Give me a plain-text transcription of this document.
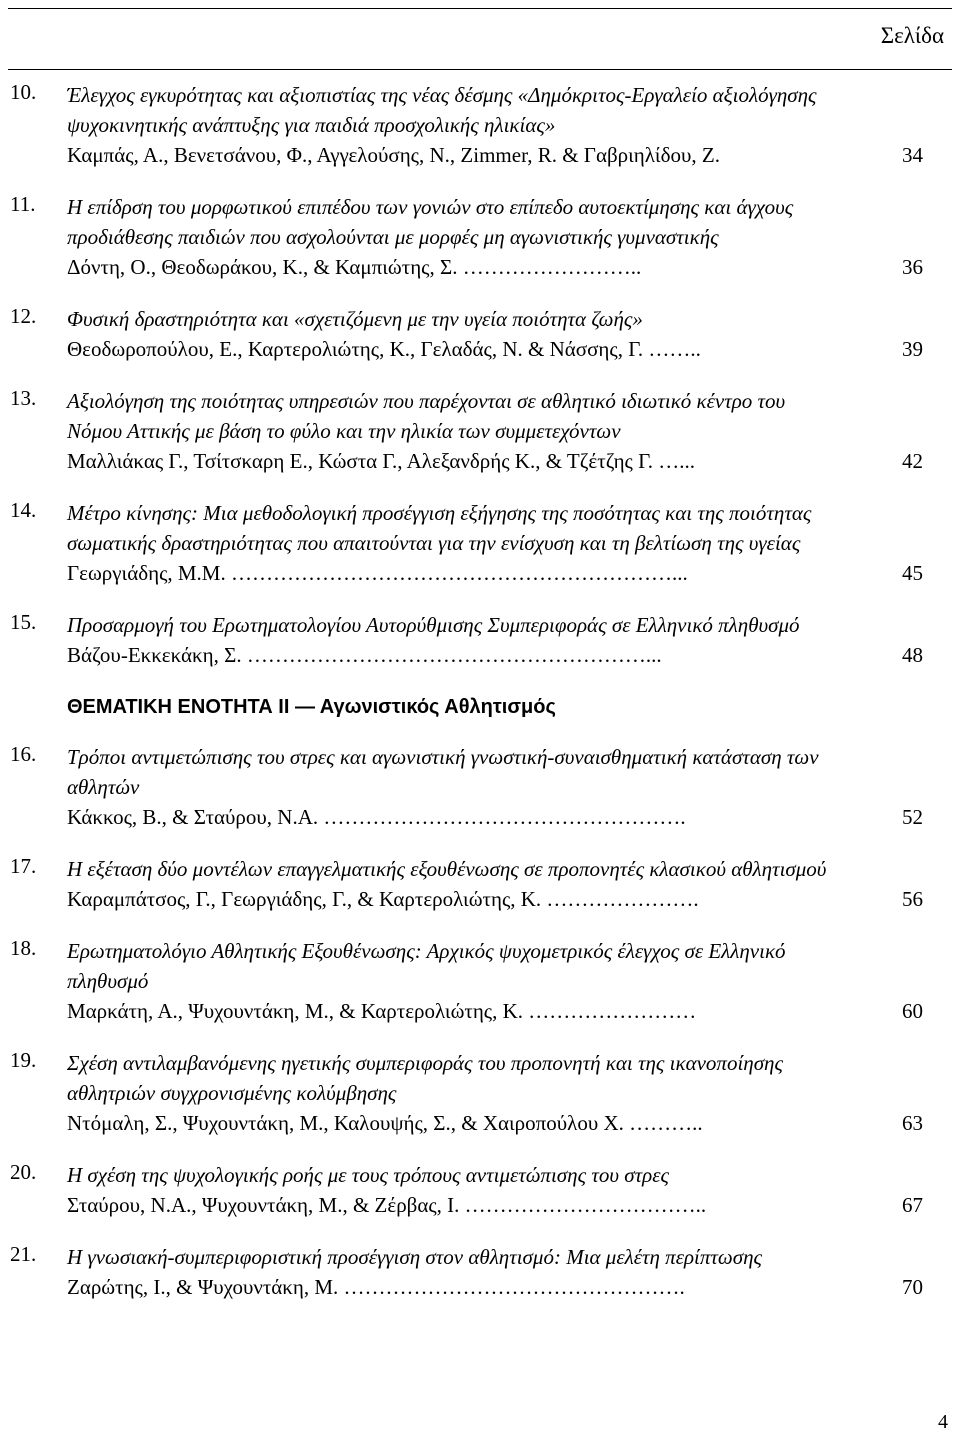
Σελίδα
10.	Έλεγχος εγκυρότητας και αξιοπιστίας της νέας δέσμης «Δημόκριτος-Εργαλείο αξιολόγησης ψυχοκινητικής ανάπτυξης για παιδιά προσχολικής ηλικίας»
Καμπάς, Α., Βενετσάνου, Φ., Αγγελούσης, Ν., Zimmer, R. & Γαβριηλίδου, Ζ.	34
11.	Η επίδρση του μορφωτικού επιπέδου των γονιών στο επίπεδο αυτοεκτίμησης και άγχους προδιάθεσης παιδιών που ασχολούνται με μορφές μη αγωνιστικής γυμναστικής
Δόντη, Ο., Θεοδωράκου, Κ., & Καμπιώτης, Σ. ……………………..	36
12.	Φυσική δραστηριότητα και «σχετιζόμενη με την υγεία ποιότητα ζωής»
Θεοδωροπούλου, Ε., Καρτερολιώτης, Κ., Γελαδάς, Ν. & Νάσσης, Γ. ……..	39
13.	Αξιολόγηση της ποιότητας υπηρεσιών που παρέχονται σε αθλητικό ιδιωτικό κέντρο του Νόμου Αττικής με βάση το φύλο και την ηλικία των συμμετεχόντων
Μαλλιάκας Γ., Τσίτσκαρη Ε., Κώστα Γ., Αλεξανδρής Κ., & Τζέτζης Γ. …...	42
14.	Μέτρο κίνησης: Μια μεθοδολογική προσέγγιση εξήγησης της ποσότητας και της ποιότητας σωματικής δραστηριότητας που απαιτούνται για την ενίσχυση και τη βελτίωση της υγείας
Γεωργιάδης, Μ.Μ. ………………………………………………………...	45
15.	Προσαρμογή του Ερωτηματολογίου Αυτορύθμισης Συμπεριφοράς σε Ελληνικό πληθυσμό
Βάζου-Εκκεκάκη, Σ. …………………………………………………...	48
ΘΕΜΑΤΙΚΗ ΕΝΟΤΗΤΑ ΙΙ ― Αγωνιστικός Αθλητισμός
16.	Τρόποι αντιμετώπισης του στρες και αγωνιστική γνωστική-συναισθηματική κατάσταση των αθλητών
Κάκκος, Β., & Σταύρου, Ν.Α. …………………………………………….	52
17.	Η εξέταση δύο μοντέλων επαγγελματικής εξουθένωσης σε προπονητές κλασικού αθλητισμού
Καραμπάτσος, Γ., Γεωργιάδης, Γ., & Καρτερολιώτης, Κ. ………………….	56
18.	Ερωτηματολόγιο Αθλητικής Εξουθένωσης: Αρχικός ψυχομετρικός έλεγχος σε Ελληνικό πληθυσμό
Μαρκάτη, Α., Ψυχουντάκη, Μ., & Καρτερολιώτης, Κ. ……………………	60
19.	Σχέση αντιλαμβανόμενης ηγετικής συμπεριφοράς του προπονητή και της ικανοποίησης αθλητριών συγχρονισμένης κολύμβησης
Ντόμαλη, Σ., Ψυχουντάκη, Μ., Καλουψής, Σ., & Χαιροπούλου Χ. ………..	63
20.	Η σχέση της ψυχολογικής ροής με τους τρόπους αντιμετώπισης του στρες
Σταύρου, Ν.Α., Ψυχουντάκη, Μ., & Ζέρβας, Ι. ……………………………..	67
21.	Η γνωσιακή-συμπεριφοριστική προσέγγιση στον αθλητισμό: Μια μελέτη περίπτωσης
Ζαρώτης, Ι., & Ψυχουντάκη, Μ. ………………………………………….	70
4
